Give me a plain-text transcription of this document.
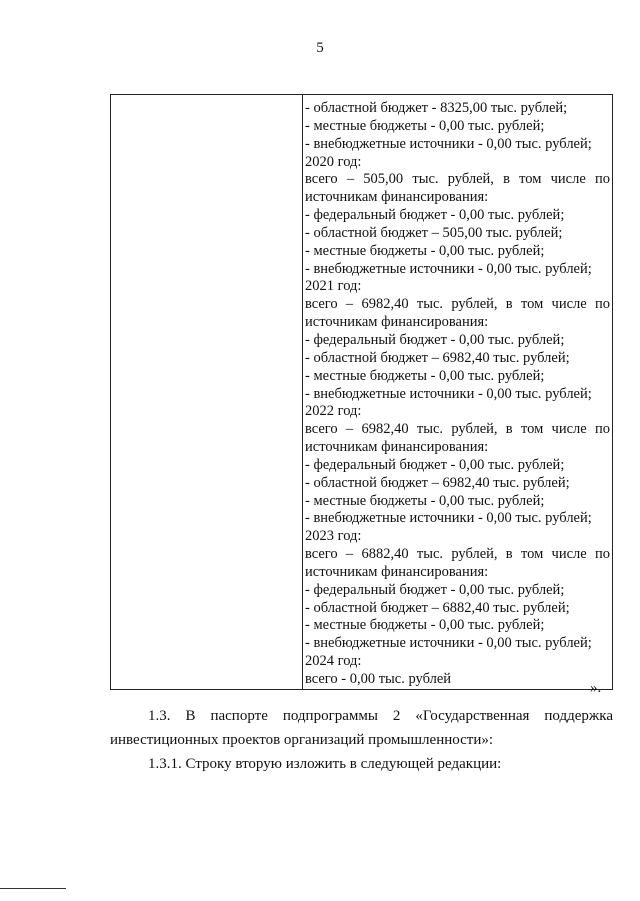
5

- областной бюджет - 8325,00 тыс. рублей;
- местные бюджеты - 0,00 тыс. рублей;
- внебюджетные источники - 0,00 тыс. рублей;
2020 год:
всего – 505,00 тыс. рублей, в том числе по
источникам финансирования:
- федеральный бюджет - 0,00 тыс. рублей;
- областной бюджет – 505,00 тыс. рублей;
- местные бюджеты - 0,00 тыс. рублей;
- внебюджетные источники - 0,00 тыс. рублей;
2021 год:
всего – 6982,40 тыс. рублей, в том числе по
источникам финансирования:
- федеральный бюджет - 0,00 тыс. рублей;
- областной бюджет – 6982,40 тыс. рублей;
- местные бюджеты - 0,00 тыс. рублей;
- внебюджетные источники - 0,00 тыс. рублей;
2022 год:
всего – 6982,40 тыс. рублей, в том числе по
источникам финансирования:
- федеральный бюджет - 0,00 тыс. рублей;
- областной бюджет – 6982,40 тыс. рублей;
- местные бюджеты - 0,00 тыс. рублей;
- внебюджетные источники - 0,00 тыс. рублей;
2023 год:
всего – 6882,40 тыс. рублей, в том числе по
источникам финансирования:
- федеральный бюджет - 0,00 тыс. рублей;
- областной бюджет – 6882,40 тыс. рублей;
- местные бюджеты - 0,00 тыс. рублей;
- внебюджетные источники - 0,00 тыс. рублей;
2024 год:
всего - 0,00 тыс. рублей
».
1.3. В паспорте подпрограммы 2 «Государственная поддержка
инвестиционных проектов организаций промышленности»:
1.3.1. Строку вторую изложить в следующей редакции:
